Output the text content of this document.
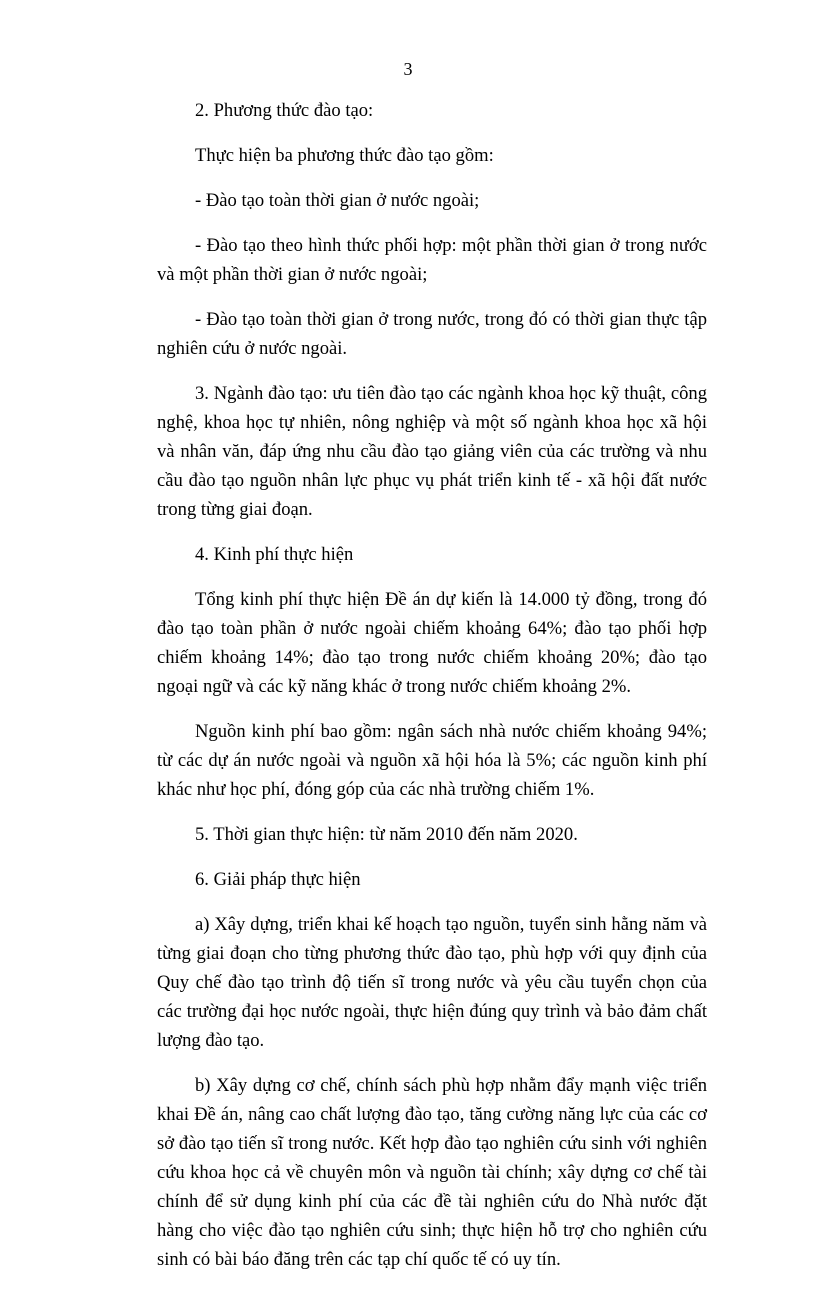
3

2. Phương thức đào tạo:

Thực hiện ba phương thức đào tạo gồm:

- Đào tạo toàn thời gian ở nước ngoài;

- Đào tạo theo hình thức phối hợp: một phần thời gian ở trong nước và một phần thời gian ở nước ngoài;

- Đào tạo toàn thời gian ở trong nước, trong đó có thời gian thực tập nghiên cứu ở nước ngoài.

3. Ngành đào tạo: ưu tiên đào tạo các ngành khoa học kỹ thuật, công nghệ, khoa học tự nhiên, nông nghiệp và một số ngành khoa học xã hội và nhân văn, đáp ứng nhu cầu đào tạo giảng viên của các trường và nhu cầu đào tạo nguồn nhân lực phục vụ phát triển kinh tế - xã hội đất nước trong từng giai đoạn.

4. Kinh phí thực hiện

Tổng kinh phí thực hiện Đề án dự kiến là 14.000 tỷ đồng, trong đó đào tạo toàn phần ở nước ngoài chiếm khoảng 64%; đào tạo phối hợp chiếm khoảng 14%; đào tạo trong nước chiếm khoảng 20%; đào tạo ngoại ngữ và các kỹ năng khác ở trong nước chiếm khoảng 2%.

Nguồn kinh phí bao gồm: ngân sách nhà nước chiếm khoảng 94%; từ các dự án nước ngoài và nguồn xã hội hóa là 5%; các nguồn kinh phí khác như học phí, đóng góp của các nhà trường chiếm 1%.

5. Thời gian thực hiện: từ năm 2010 đến năm 2020.

6. Giải pháp thực hiện

a) Xây dựng, triển khai kế hoạch tạo nguồn, tuyển sinh hằng năm và từng giai đoạn cho từng phương thức đào tạo, phù hợp với quy định của Quy chế đào tạo trình độ tiến sĩ trong nước và yêu cầu tuyển chọn của các trường đại học nước ngoài, thực hiện đúng quy trình và bảo đảm chất lượng đào tạo.

b) Xây dựng cơ chế, chính sách phù hợp nhằm đẩy mạnh việc triển khai Đề án, nâng cao chất lượng đào tạo, tăng cường năng lực của các cơ sở đào tạo tiến sĩ trong nước. Kết hợp đào tạo nghiên cứu sinh với nghiên cứu khoa học cả về chuyên môn và nguồn tài chính; xây dựng cơ chế tài chính để sử dụng kinh phí của các đề tài nghiên cứu do Nhà nước đặt hàng cho việc đào tạo nghiên cứu sinh; thực hiện hỗ trợ cho nghiên cứu sinh có bài báo đăng trên các tạp chí quốc tế có uy tín.
